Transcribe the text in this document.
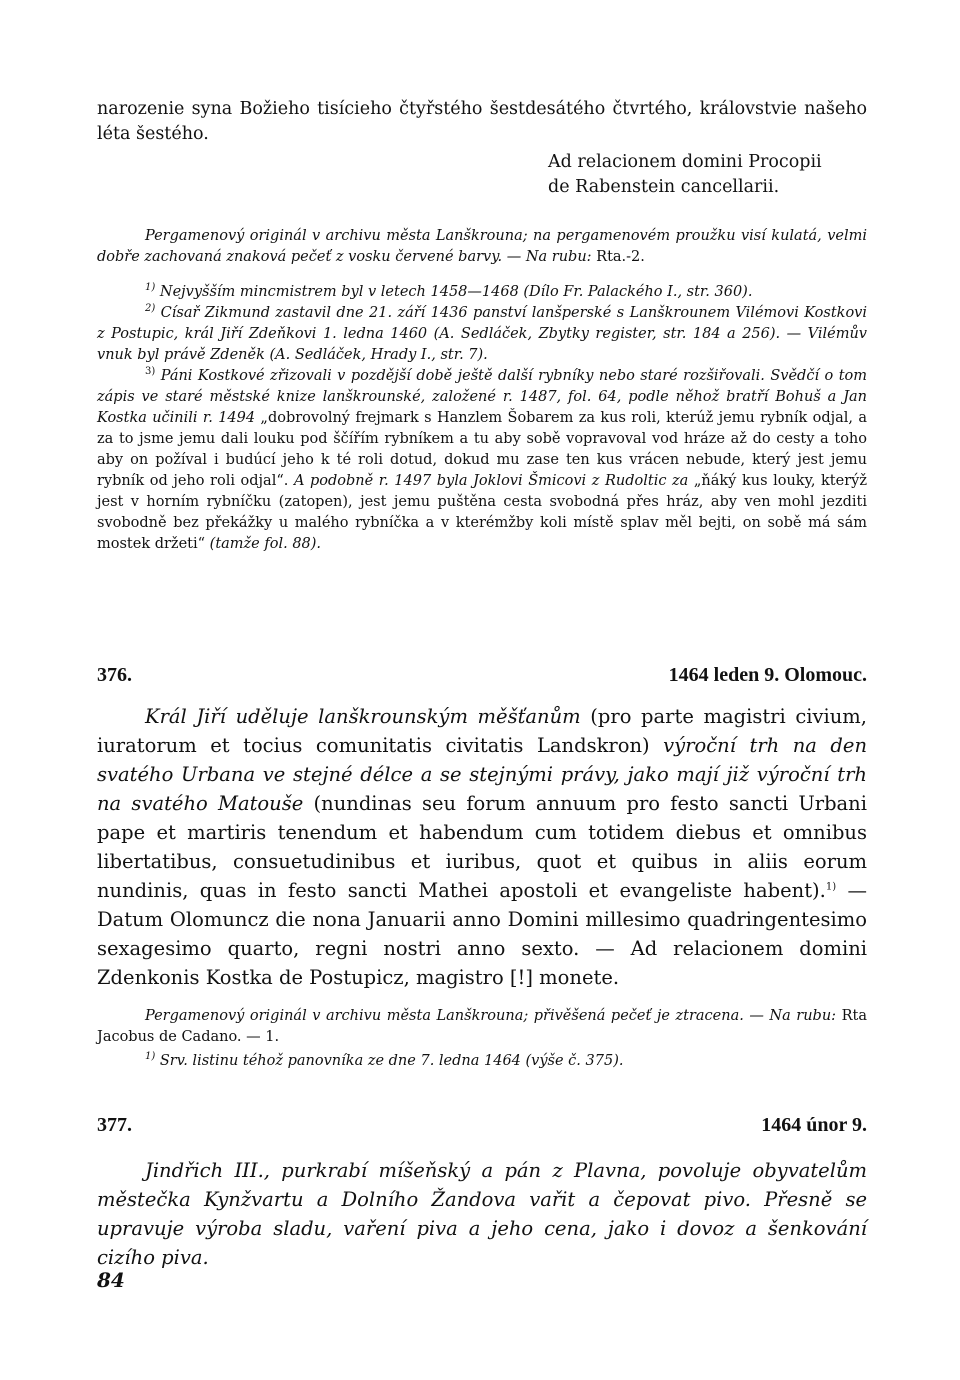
narozenie syna Božieho tisícieho čtyřstého šestdesátého čtvrtého, královstvie našeho léta šestého.

Ad relacionem domini Procopii
de Rabenstein cancellarii.

Pergamenový originál v archivu města Lanškrouna; na pergamenovém proužku visí kulatá, velmi dobře zachovaná znaková pečeť z vosku červené barvy. — Na rubu: Rta.-2.

$^{1)}$ Nejvyšším mincmistrem byl v letech 1458—1468 (Dílo Fr. Palackého I., str. 360).

$^{2)}$ Císař Zikmund zastavil dne 21. září 1436 panství lanšperské s Lanškrounem Vilémovi Kostkovi z Postupic, král Jiří Zdeňkovi 1. ledna 1460 (A. Sedláček, Zbytky register, str. 184 a 256). — Vilémův vnuk byl právě Zdeněk (A. Sedláček, Hrady I., str. 7).

$^{3)}$ Páni Kostkové zřizovali v pozdější době ještě další rybníky nebo staré rozšiřovali. Svědčí o tom zápis ve staré městské knize lanškrounské, založené r. 1487, fol. 64, podle něhož bratří Bohuš a Jan Kostka učinili r. 1494 „dobrovolný frejmark s Hanzlem Šobarem za kus roli, kterúž jemu rybník odjal, a za to jsme jemu dali louku pod ščířím rybníkem a tu aby sobě vopravoval vod hráze až do cesty a toho aby on požíval i budúcí jeho k té roli dotud, dokud mu zase ten kus vrácen nebude, který jest jemu rybník od jeho roli odjal“. A podobně r. 1497 byla Joklovi Šmicovi z Rudoltic za „ňáký kus louky, kterýž jest v horním rybníčku (zatopen), jest jemu puštěna cesta svobodná přes hráz, aby ven mohl jezditi svobodně bez překážky u malého rybníčka a v kterémžby koli místě splav měl bejti, on sobě má sám mostek držeti“ (tamže fol. 88).

376.	1464 leden 9. Olomouc.

Král Jiří uděluje lanškrounským měšťanům (pro parte magistri civium, iuratorum et tocius comunitatis civitatis Landskron) výroční trh na den svatého Urbana ve stejné délce a se stejnými právy, jako mají již výroční trh na svatého Matouše (nundinas seu forum annuum pro festo sancti Urbani pape et martiris tenendum et habendum cum totidem diebus et omnibus libertatibus, consuetudinibus et iuribus, quot et quibus in aliis eorum nundinis, quas in festo sancti Mathei apostoli et evangeliste habent).$^{1)}$ — Datum Olomuncz die nona Januarii anno Domini millesimo quadringentesimo sexagesimo quarto, regni nostri anno sexto. — Ad relacionem domini Zdenkonis Kostka de Postupicz, magistro [!] monete.

Pergamenový originál v archivu města Lanškrouna; přivěšená pečeť je ztracena. — Na rubu: Rta Jacobus de Cadano. — 1.

$^{1)}$ Srv. listinu téhož panovníka ze dne 7. ledna 1464 (výše č. 375).

377.	1464 únor 9.

Jindřich III., purkrabí míšeňský a pán z Plavna, povoluje obyvatelům městečka Kynžvartu a Dolního Žandova vařit a čepovat pivo. Přesně se upravuje výroba sladu, vaření piva a jeho cena, jako i dovoz a šenkování cizího piva.

84
